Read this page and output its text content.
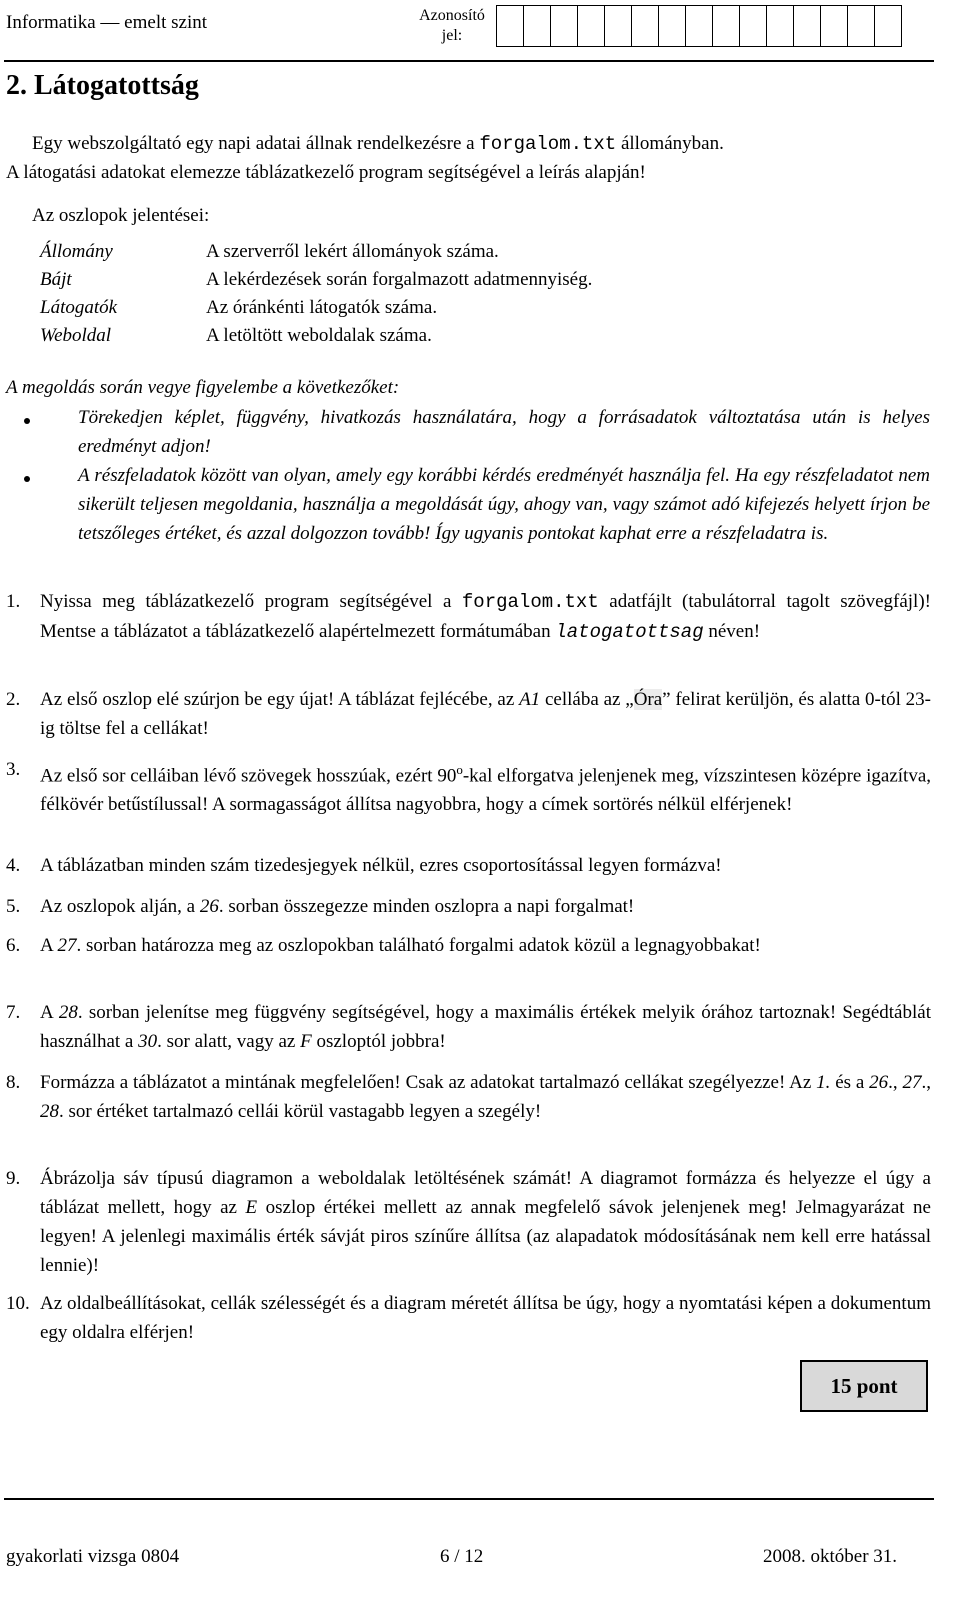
Informatika — emelt szint	Azonosító
jel:
2. Látogatottság
Egy webszolgáltató egy napi adatai állnak rendelkezésre a forgalom.txt állományban.
A látogatási adatokat elemezze táblázatkezelő program segítségével a leírás alapján!
Az oszlopok jelentései:
Állomány	A szerverről lekért állományok száma.
Bájt	A lekérdezések során forgalmazott adatmennyiség.
Látogatók	Az óránkénti látogatók száma.
Weboldal	A letöltött weboldalak száma.
A megoldás során vegye figyelembe a következőket:
Törekedjen képlet, függvény, hivatkozás használatára, hogy a forrásadatok változtatása után is helyes eredményt adjon!
A részfeladatok között van olyan, amely egy korábbi kérdés eredményét használja fel. Ha egy részfeladatot nem sikerült teljesen megoldania, használja a megoldását úgy, ahogy van, vagy számot adó kifejezés helyett írjon be tetszőleges értéket, és azzal dolgozzon tovább! Így ugyanis pontokat kaphat erre a részfeladatra is.
1.	Nyissa meg táblázatkezelő program segítségével a forgalom.txt adatfájlt (tabulátorral tagolt szövegfájl)! Mentse a táblázatot a táblázatkezelő alapértelmezett formátumában latogatottsag néven!
2.	Az első oszlop elé szúrjon be egy újat! A táblázat fejlécébe, az A1 cellába az „Óra” felirat kerüljön, és alatta 0-tól 23-ig töltse fel a cellákat!
3.	Az első sor celláiban lévő szövegek hosszúak, ezért 90$^o$-kal elforgatva jelenjenek meg, vízszintesen középre igazítva, félkövér betűstílussal! A sormagasságot állítsa nagyobbra, hogy a címek sortörés nélkül elférjenek!
4.	A táblázatban minden szám tizedesjegyek nélkül, ezres csoportosítással legyen formázva!
5.	Az oszlopok alján, a 26. sorban összegezze minden oszlopra a napi forgalmat!
6.	A 27. sorban határozza meg az oszlopokban található forgalmi adatok közül a legnagyobbakat!
7.	A 28. sorban jelenítse meg függvény segítségével, hogy a maximális értékek melyik órához tartoznak! Segédtáblát használhat a 30. sor alatt, vagy az F oszloptól jobbra!
8.	Formázza a táblázatot a mintának megfelelően! Csak az adatokat tartalmazó cellákat szegélyezze! Az 1. és a 26., 27., 28. sor értéket tartalmazó cellái körül vastagabb legyen a szegély!
9.	Ábrázolja sáv típusú diagramon a weboldalak letöltésének számát! A diagramot formázza és helyezze el úgy a táblázat mellett, hogy az E oszlop értékei mellett az annak megfelelő sávok jelenjenek meg! Jelmagyarázat ne legyen! A jelenlegi maximális érték sávját piros színűre állítsa (az alapadatok módosításának nem kell erre hatással lennie)!
10. Az oldalbeállításokat, cellák szélességét és a diagram méretét állítsa be úgy, hogy a nyomtatási képen a dokumentum egy oldalra elférjen!
15 pont
gyakorlati vizsga 0804	6 / 12	2008. október 31.
